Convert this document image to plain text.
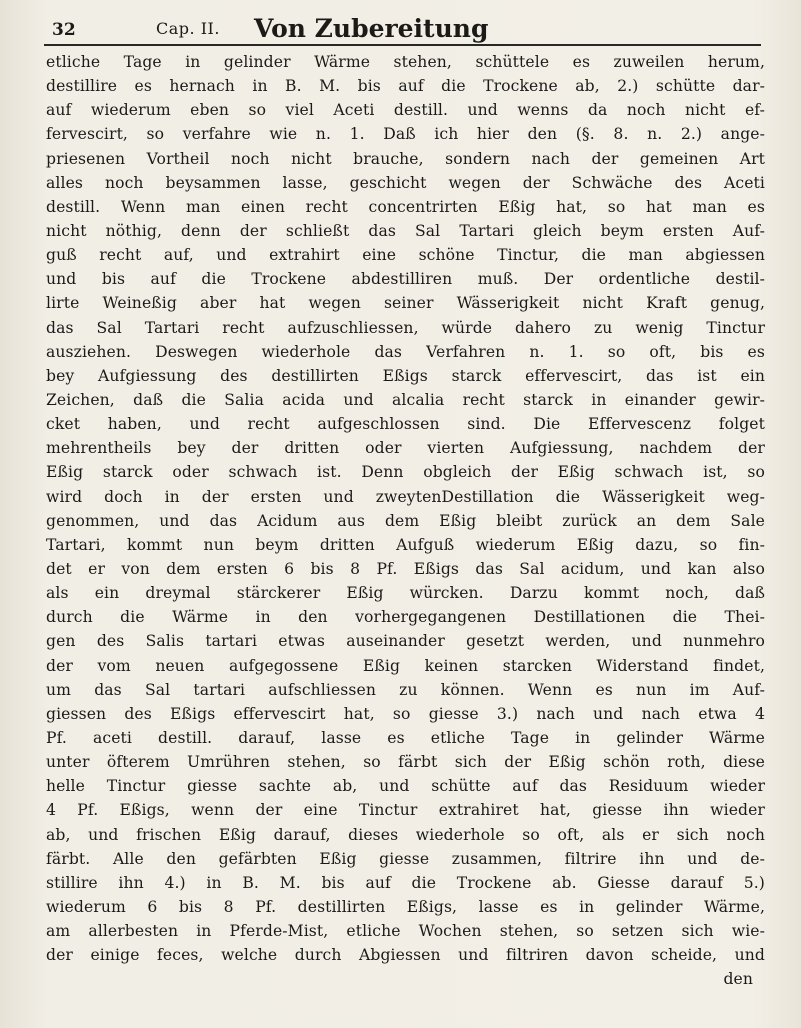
32	Cap. II. Von Zubereitung
etliche Tage in gelinder Wärme stehen, schüttele es zuweilen herum,
destillire es hernach in B. M. bis auf die Trockene ab, 2.) schütte dar-
auf wiederum eben so viel Aceti destill. und wenns da noch nicht ef-
fervescirt, so verfahre wie n. 1. Daß ich hier den (§. 8. n. 2.) ange-
priesenen Vortheil noch nicht brauche, sondern nach der gemeinen Art
alles noch beysammen lasse, geschicht wegen der Schwäche des Aceti
destill. Wenn man einen recht concentrirten Eßig hat, so hat man es
nicht nöthig, denn der schließt das Sal Tartari gleich beym ersten Auf-
guß recht auf, und extrahirt eine schöne Tinctur, die man abgiessen
und bis auf die Trockene abdestilliren muß. Der ordentliche destil-
lirte Weineßig aber hat wegen seiner Wässerigkeit nicht Kraft genug,
das Sal Tartari recht aufzuschliessen, würde dahero zu wenig Tinctur
ausziehen. Deswegen wiederhole das Verfahren n. 1. so oft, bis es
bey Aufgiessung des destillirten Eßigs starck effervescirt, das ist ein
Zeichen, daß die Salia acida und alcalia recht starck in einander gewir-
cket haben, und recht aufgeschlossen sind. Die Effervescenz folget
mehrentheils bey der dritten oder vierten Aufgiessung, nachdem der
Eßig starck oder schwach ist. Denn obgleich der Eßig schwach ist, so
wird doch in der ersten und zweytenDestillation die Wässerigkeit weg-
genommen, und das Acidum aus dem Eßig bleibt zurück an dem Sale
Tartari, kommt nun beym dritten Aufguß wiederum Eßig dazu, so fin-
det er von dem ersten 6 bis 8 Pf. Eßigs das Sal acidum, und kan also
als ein dreymal stärckerer Eßig würcken. Darzu kommt noch, daß
durch die Wärme in den vorhergegangenen Destillationen die Thei-
gen des Salis tartari etwas auseinander gesetzt werden, und nunmehro
der vom neuen aufgegossene Eßig keinen starcken Widerstand findet,
um das Sal tartari aufschliessen zu können. Wenn es nun im Auf-
giessen des Eßigs effervescirt hat, so giesse 3.) nach und nach etwa 4
Pf. aceti destill. darauf, lasse es etliche Tage in gelinder Wärme
unter öfterem Umrühren stehen, so färbt sich der Eßig schön roth, diese
helle Tinctur giesse sachte ab, und schütte auf das Residuum wieder
4 Pf. Eßigs, wenn der eine Tinctur extrahiret hat, giesse ihn wieder
ab, und frischen Eßig darauf, dieses wiederhole so oft, als er sich noch
färbt. Alle den gefärbten Eßig giesse zusammen, filtrire ihn und de-
stillire ihn 4.) in B. M. bis auf die Trockene ab. Giesse darauf 5.)
wiederum 6 bis 8 Pf. destillirten Eßigs, lasse es in gelinder Wärme,
am allerbesten in Pferde-Mist, etliche Wochen stehen, so setzen sich wie-
der einige feces, welche durch Abgiessen und filtriren davon scheide, und
den
